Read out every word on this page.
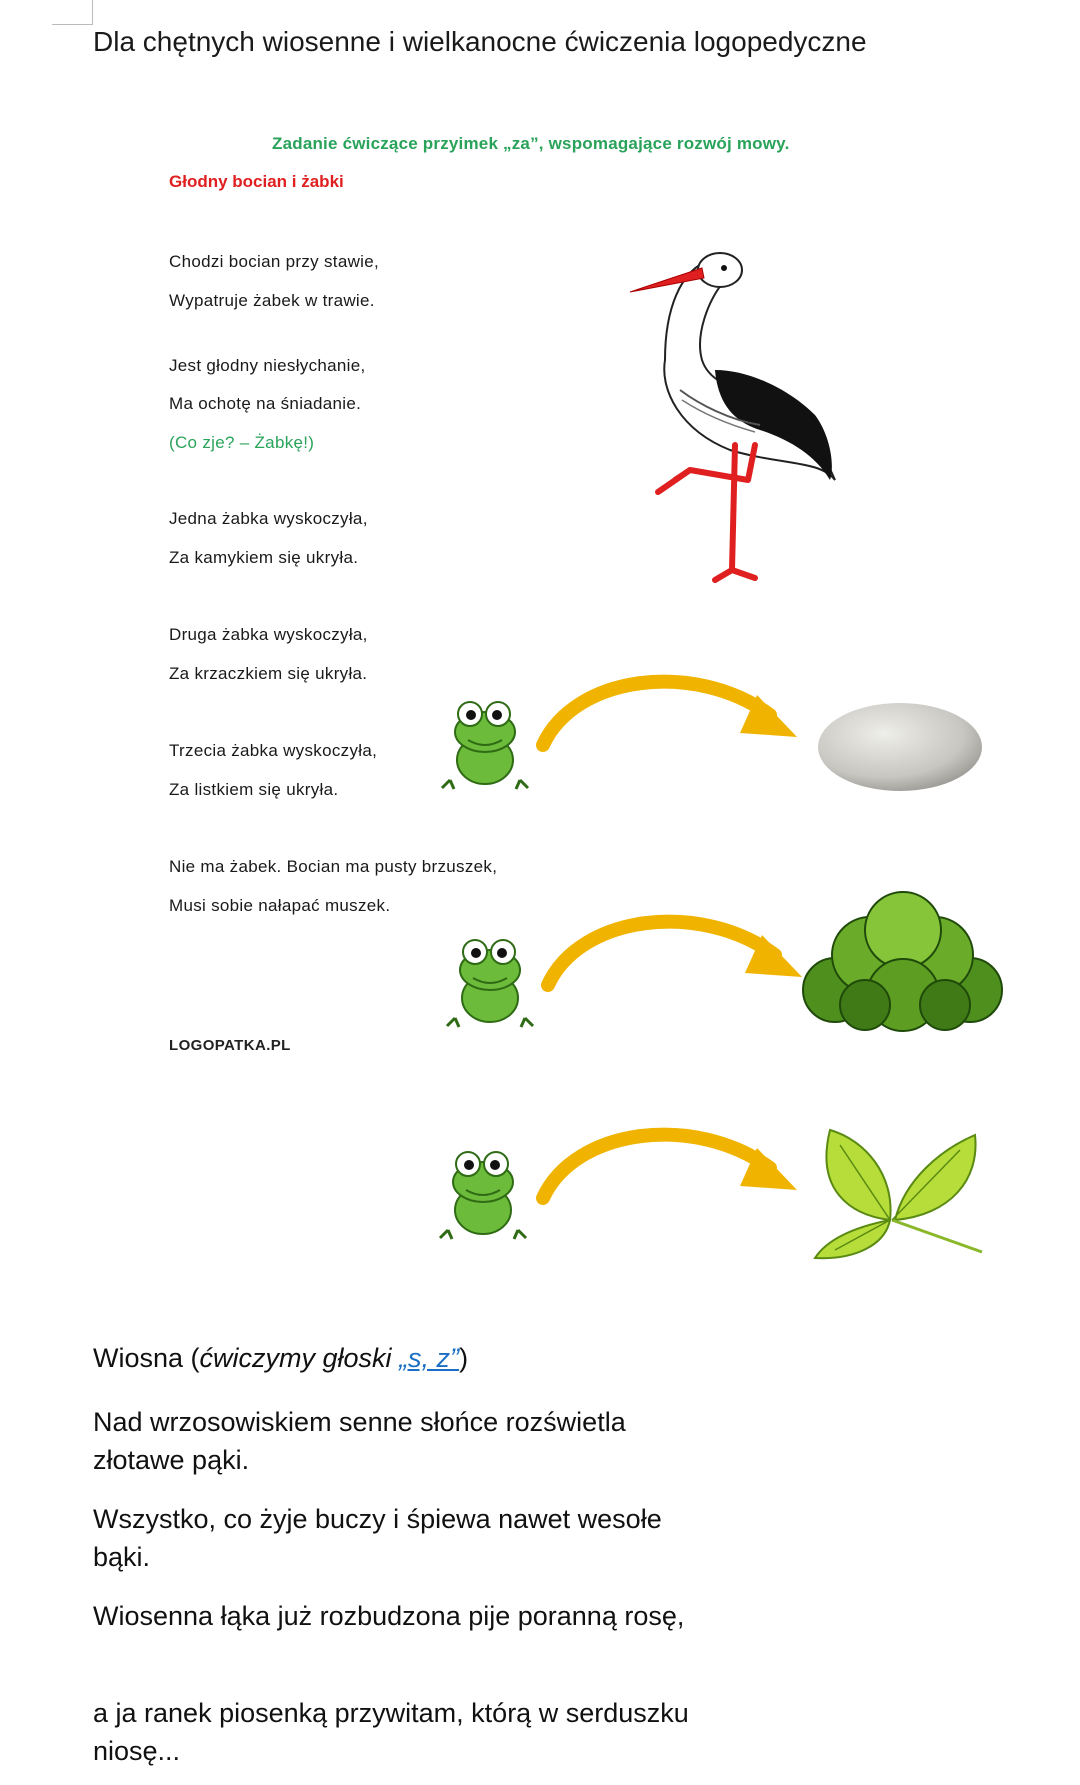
Dla chętnych wiosenne i wielkanocne ćwiczenia logopedyczne
Zadanie ćwiczące przyimek „za”, wspomagające rozwój mowy.
Głodny bocian i żabki
Chodzi bocian przy stawie,
Wypatruje żabek w trawie.
Jest głodny niesłychanie,
Ma ochotę na śniadanie.
(Co zje? – Żabkę!)
Jedna żabka wyskoczyła,
Za kamykiem się ukryła.
Druga żabka wyskoczyła,
Za krzaczkiem się ukryła.
Trzecia żabka wyskoczyła,
Za listkiem się ukryła.
Nie ma żabek. Bocian ma pusty brzuszek,
Musi sobie nałapać muszek.
LOGOPATKA.PL
Wiosna (ćwiczymy głoski „s, z”)
Nad wrzosowiskiem senne słońce rozświetla złotawe pąki.
Wszystko, co żyje buczy i śpiewa nawet wesołe bąki.
Wiosenna łąka już rozbudzona pije poranną rosę,
a ja ranek piosenką przywitam, którą w serduszku niosę...
